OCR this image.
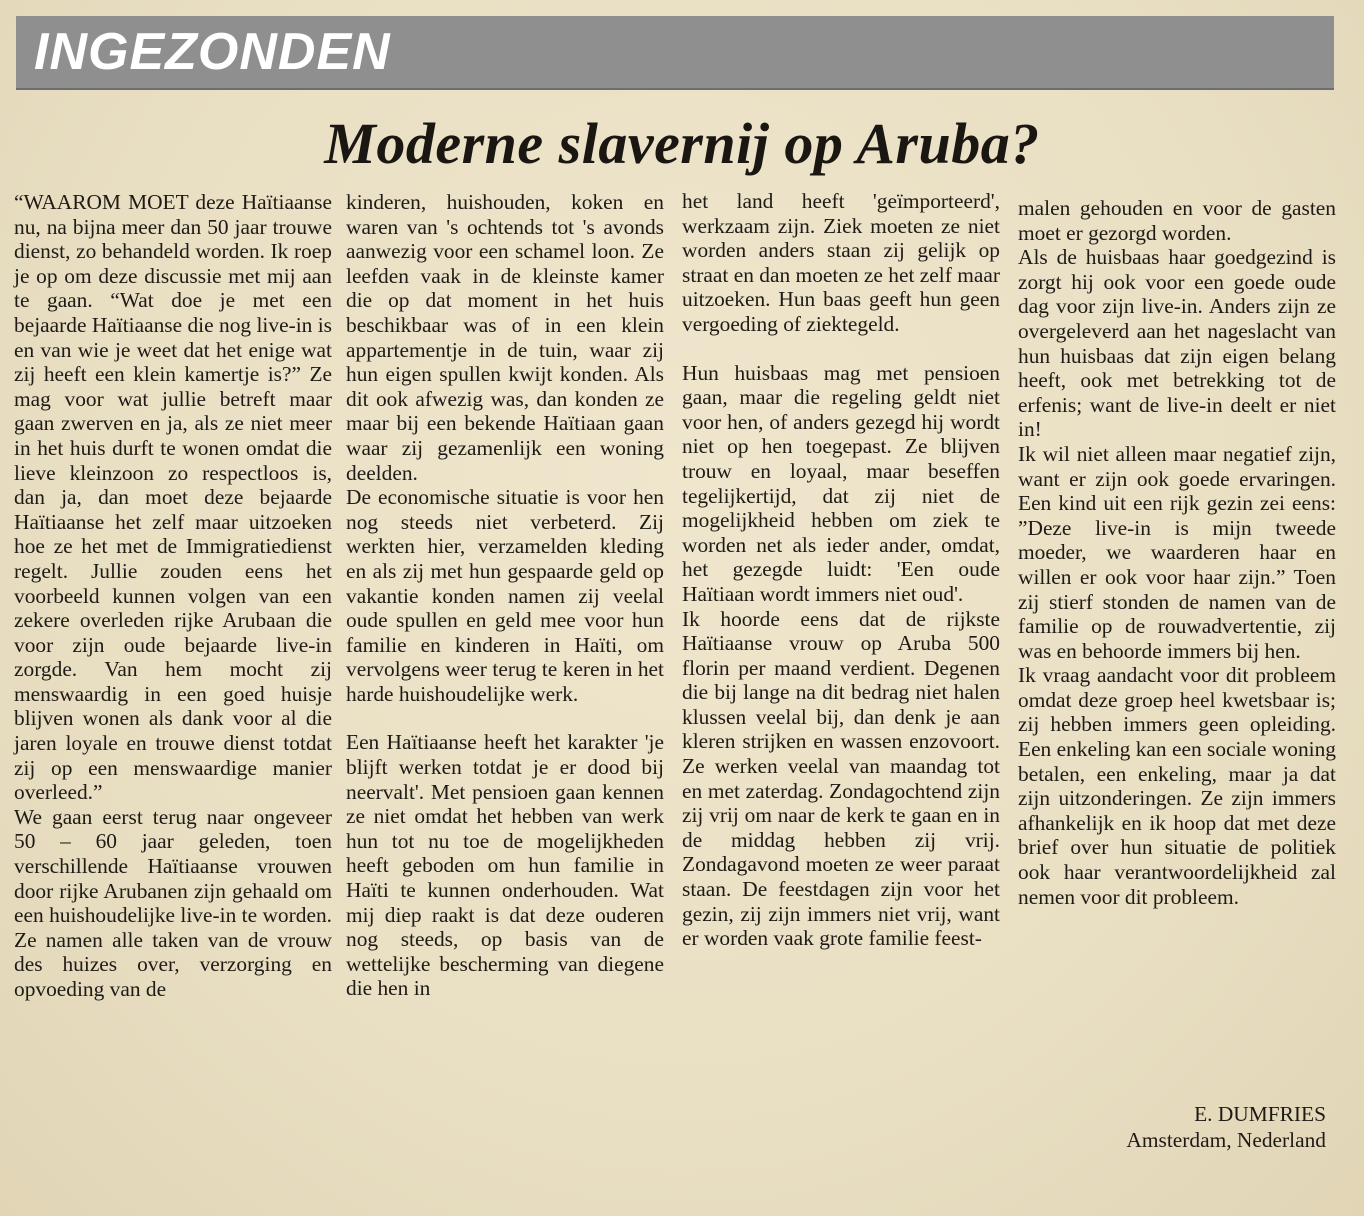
INGEZONDEN
Moderne slavernij op Aruba?

“WAAROM MOET deze Haïtiaanse nu, na bijna meer dan 50 jaar trouwe dienst, zo behandeld worden. Ik roep je op om deze discussie met mij aan te gaan. “Wat doe je met een bejaarde Haïtiaanse die nog live-in is en van wie je weet dat het enige wat zij heeft een klein kamertje is?” Ze mag voor wat jullie betreft maar gaan zwerven en ja, als ze niet meer in het huis durft te wonen omdat die lieve kleinzoon zo respectloos is, dan ja, dan moet deze bejaarde Haïtiaanse het zelf maar uitzoeken hoe ze het met de Immigratiedienst regelt. Jullie zouden eens het voorbeeld kunnen volgen van een zekere overleden rijke Arubaan die voor zijn oude bejaarde live-in zorgde. Van hem mocht zij menswaardig in een goed huisje blijven wonen als dank voor al die jaren loyale en trouwe dienst totdat zij op een menswaardige manier overleed.”

We gaan eerst terug naar ongeveer 50 – 60 jaar geleden, toen verschillende Haïtiaanse vrouwen door rijke Arubanen zijn gehaald om een huishoudelijke live-in te worden. Ze namen alle taken van de vrouw des huizes over, verzorging en opvoeding van de

kinderen, huishouden, koken en waren van 's ochtends tot 's avonds aanwezig voor een schamel loon. Ze leefden vaak in de kleinste kamer die op dat moment in het huis beschikbaar was of in een klein appartementje in de tuin, waar zij hun eigen spullen kwijt konden. Als dit ook afwezig was, dan konden ze maar bij een bekende Haïtiaan gaan waar zij gezamenlijk een woning deelden.

De economische situatie is voor hen nog steeds niet verbeterd. Zij werkten hier, verzamelden kleding en als zij met hun gespaarde geld op vakantie konden namen zij veelal oude spullen en geld mee voor hun familie en kinderen in Haïti, om vervolgens weer terug te keren in het harde huishoudelijke werk.

Een Haïtiaanse heeft het karakter 'je blijft werken totdat je er dood bij neervalt'. Met pensioen gaan kennen ze niet omdat het hebben van werk hun tot nu toe de mogelijkheden heeft geboden om hun familie in Haïti te kunnen onderhouden. Wat mij diep raakt is dat deze ouderen nog steeds, op basis van de wettelijke bescherming van diegene die hen in

het land heeft 'geïmporteerd', werkzaam zijn. Ziek moeten ze niet worden anders staan zij gelijk op straat en dan moeten ze het zelf maar uitzoeken. Hun baas geeft hun geen vergoeding of ziektegeld.

Hun huisbaas mag met pensioen gaan, maar die regeling geldt niet voor hen, of anders gezegd hij wordt niet op hen toegepast. Ze blijven trouw en loyaal, maar beseffen tegelijkertijd, dat zij niet de mogelijkheid hebben om ziek te worden net als ieder ander, omdat, het gezegde luidt: 'Een oude Haïtiaan wordt immers niet oud'.

Ik hoorde eens dat de rijkste Haïtiaanse vrouw op Aruba 500 florin per maand verdient. Degenen die bij lange na dit bedrag niet halen klussen veelal bij, dan denk je aan kleren strijken en wassen enzovoort. Ze werken veelal van maandag tot en met zaterdag. Zondagochtend zijn zij vrij om naar de kerk te gaan en in de middag hebben zij vrij. Zondagavond moeten ze weer paraat staan. De feestdagen zijn voor het gezin, zij zijn immers niet vrij, want er worden vaak grote familie feest-

malen gehouden en voor de gasten moet er gezorgd worden.

Als de huisbaas haar goedgezind is zorgt hij ook voor een goede oude dag voor zijn live-in. Anders zijn ze overgeleverd aan het nageslacht van hun huisbaas dat zijn eigen belang heeft, ook met betrekking tot de erfenis; want de live-in deelt er niet in!

Ik wil niet alleen maar negatief zijn, want er zijn ook goede ervaringen. Een kind uit een rijk gezin zei eens: ”Deze live-in is mijn tweede moeder, we waarderen haar en willen er ook voor haar zijn.” Toen zij stierf stonden de namen van de familie op de rouwadvertentie, zij was en behoorde immers bij hen.

Ik vraag aandacht voor dit probleem omdat deze groep heel kwetsbaar is; zij hebben immers geen opleiding. Een enkeling kan een sociale woning betalen, een enkeling, maar ja dat zijn uitzonderingen. Ze zijn immers afhankelijk en ik hoop dat met deze brief over hun situatie de politiek ook haar verantwoordelijkheid zal nemen voor dit probleem.

E. DUMFRIES
Amsterdam, Nederland
